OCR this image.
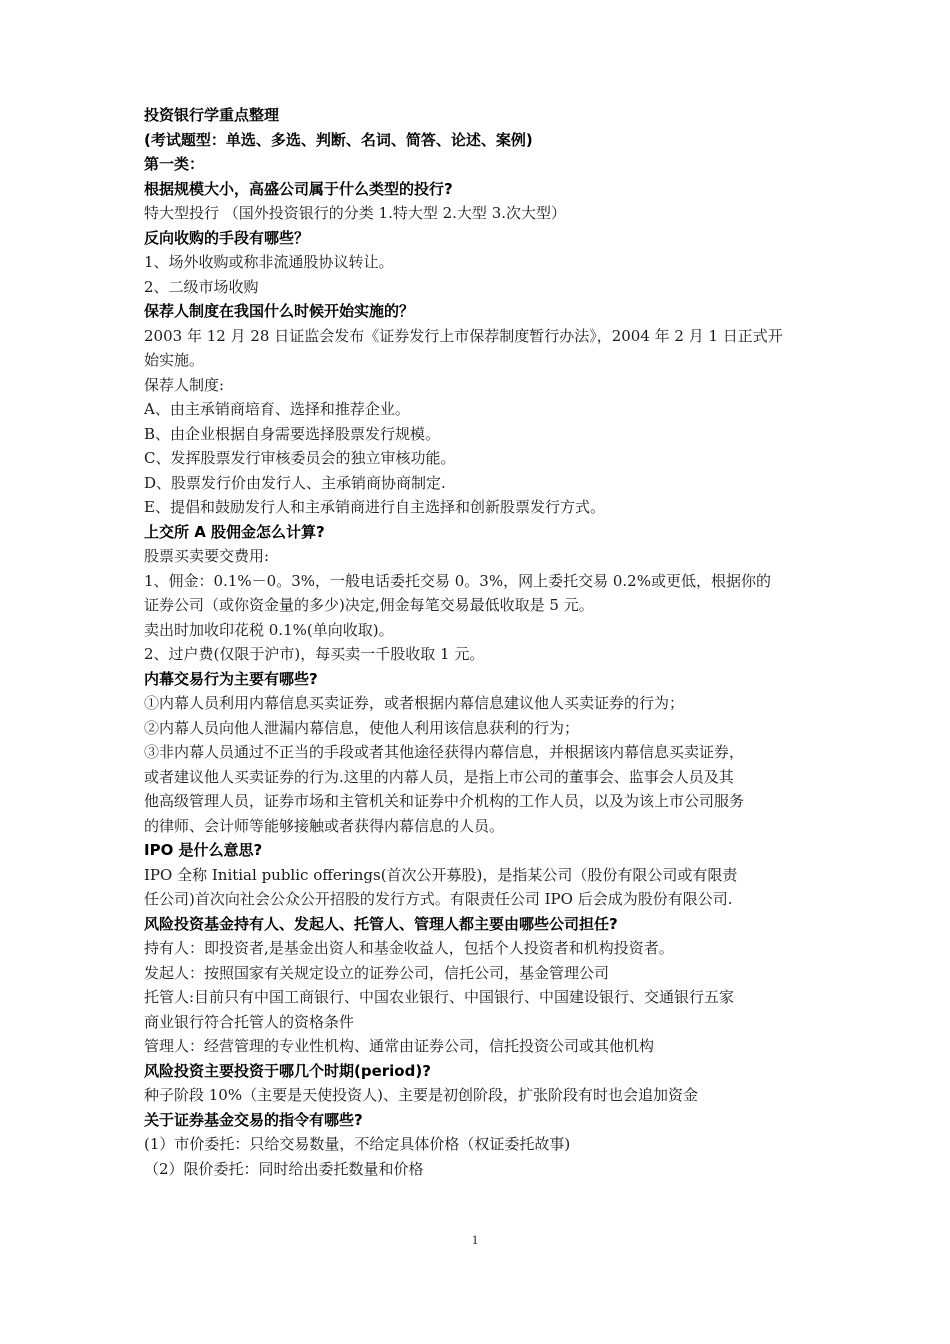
投资银行学重点整理
(考试题型：单选、多选、判断、名词、简答、论述、案例)
第一类：
根据规模大小，高盛公司属于什么类型的投行?
特大型投行 （国外投资银行的分类 1.特大型 2.大型 3.次大型）
反向收购的手段有哪些？
1、场外收购或称非流通股协议转让。
2、二级市场收购
保荐人制度在我国什么时候开始实施的？
2003 年 12 月 28 日证监会发布《证券发行上市保荐制度暂行办法》，2004 年 2 月 1 日正式开
始实施。
保荐人制度:
A、由主承销商培育、选择和推荐企业。
B、由企业根据自身需要选择股票发行规模。
C、发挥股票发行审核委员会的独立审核功能。
D、股票发行价由发行人、主承销商协商制定.
E、提倡和鼓励发行人和主承销商进行自主选择和创新股票发行方式。
上交所 A 股佣金怎么计算?
股票买卖要交费用:
1、佣金：0.1%－0。3%，一般电话委托交易 0。3%，网上委托交易 0.2%或更低，根据你的
证券公司（或你资金量的多少)决定,佣金每笔交易最低收取是 5 元。
卖出时加收印花税 0.1%(单向收取)。
2、过户费(仅限于沪市)，每买卖一千股收取 1 元。
内幕交易行为主要有哪些?
①内幕人员利用内幕信息买卖证券，或者根据内幕信息建议他人买卖证券的行为；
②内幕人员向他人泄漏内幕信息，使他人利用该信息获利的行为；
③非内幕人员通过不正当的手段或者其他途径获得内幕信息，并根据该内幕信息买卖证券，
或者建议他人买卖证券的行为.这里的内幕人员，是指上市公司的董事会、监事会人员及其
他高级管理人员，证券市场和主管机关和证券中介机构的工作人员，以及为该上市公司服务
的律师、会计师等能够接触或者获得内幕信息的人员。
IPO 是什么意思?
IPO 全称 Initial public offerings(首次公开募股)，是指某公司（股份有限公司或有限责
任公司)首次向社会公众公开招股的发行方式。有限责任公司 IPO 后会成为股份有限公司.
风险投资基金持有人、发起人、托管人、管理人都主要由哪些公司担任?
持有人：即投资者,是基金出资人和基金收益人，包括个人投资者和机构投资者。
发起人：按照国家有关规定设立的证券公司，信托公司，基金管理公司
托管人:目前只有中国工商银行、中国农业银行、中国银行、中国建设银行、交通银行五家
商业银行符合托管人的资格条件
管理人：经营管理的专业性机构、通常由证券公司，信托投资公司或其他机构
风险投资主要投资于哪几个时期(period)?
种子阶段 10%（主要是天使投资人)、主要是初创阶段，扩张阶段有时也会追加资金
关于证券基金交易的指令有哪些?
(1）市价委托：只给交易数量，不给定具体价格（权证委托故事)
（2）限价委托：同时给出委托数量和价格
1
